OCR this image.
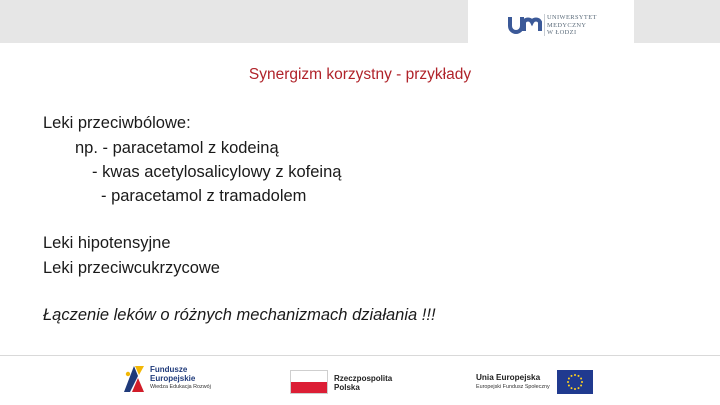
UNIWERSYTET
MEDYCZNY
W ŁODZI
Synergizm korzystny - przykłady
Leki przeciwbólowe:
np. - paracetamol z kodeiną
- kwas acetylosalicylowy z kofeiną
- paracetamol z tramadolem
Leki hipotensyjne
Leki przeciwcukrzycowe
Łączenie leków o różnych mechanizmach działania !!!
Fundusze
Europejskie
Wiedza Edukacja Rozwój
Rzeczpospolita
Polska
Unia Europejska
Europejski Fundusz Społeczny
